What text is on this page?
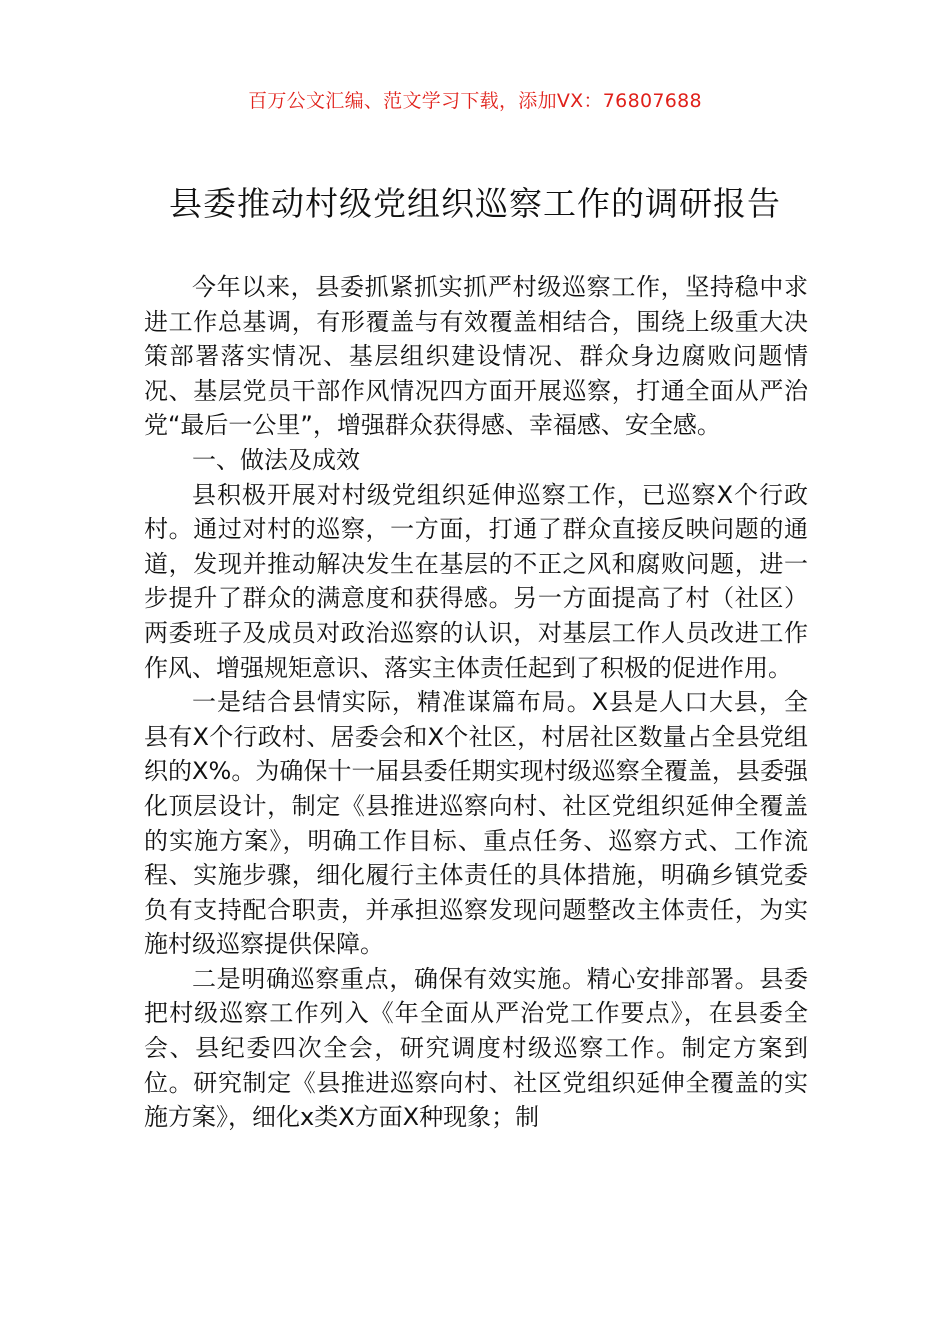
百万公文汇编、范文学习下载，添加VX：76807688
县委推动村级党组织巡察工作的调研报告

今年以来，县委抓紧抓实抓严村级巡察工作，坚持稳中求进工作总基调，有形覆盖与有效覆盖相结合，围绕上级重大决策部署落实情况、基层组织建设情况、群众身边腐败问题情况、基层党员干部作风情况四方面开展巡察，打通全面从严治党“最后一公里”，增强群众获得感、幸福感、安全感。

一、做法及成效

县积极开展对村级党组织延伸巡察工作，已巡察X个行政村。通过对村的巡察，一方面，打通了群众直接反映问题的通道，发现并推动解决发生在基层的不正之风和腐败问题，进一步提升了群众的满意度和获得感。另一方面提高了村（社区）两委班子及成员对政治巡察的认识，对基层工作人员改进工作作风、增强规矩意识、落实主体责任起到了积极的促进作用。

一是结合县情实际，精准谋篇布局。X县是人口大县，全县有X个行政村、居委会和X个社区，村居社区数量占全县党组织的X%。为确保十一届县委任期实现村级巡察全覆盖，县委强化顶层设计，制定《县推进巡察向村、社区党组织延伸全覆盖的实施方案》，明确工作目标、重点任务、巡察方式、工作流程、实施步骤，细化履行主体责任的具体措施，明确乡镇党委负有支持配合职责，并承担巡察发现问题整改主体责任，为实施村级巡察提供保障。

二是明确巡察重点，确保有效实施。精心安排部署。县委把村级巡察工作列入《年全面从严治党工作要点》，在县委全会、县纪委四次全会，研究调度村级巡察工作。制定方案到位。研究制定《县推进巡察向村、社区党组织延伸全覆盖的实施方案》，细化x类X方面X种现象；制
